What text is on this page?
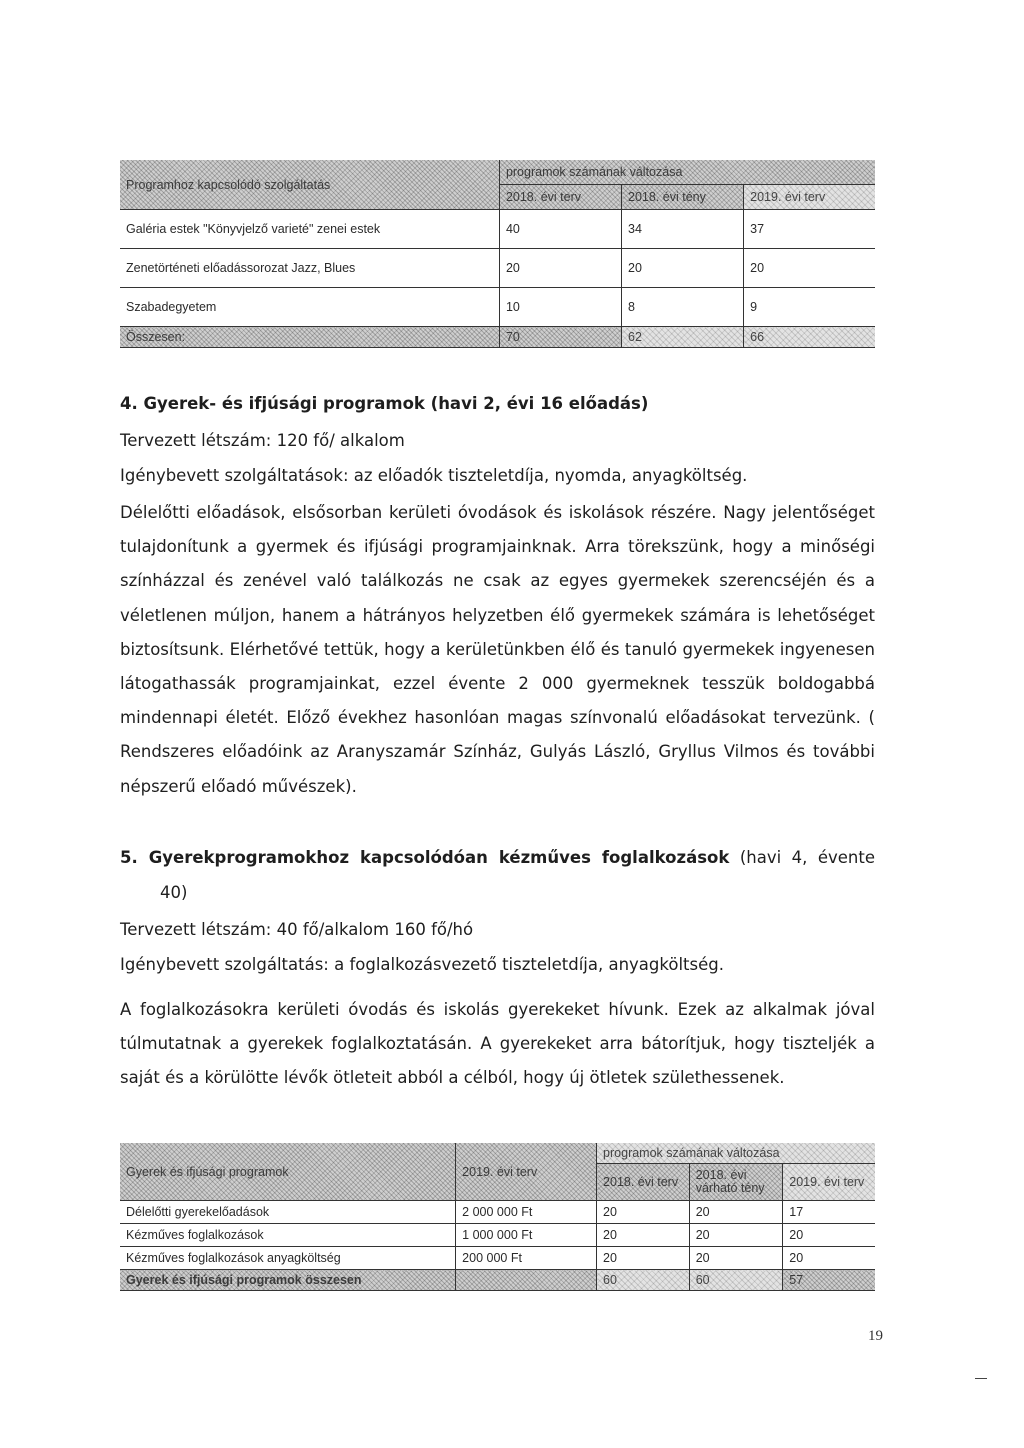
Programhoz kapcsolódó szolgáltatás	programok számának változása		
	2018. évi terv	2018. évi tény	2019. évi terv
Galéria estek "Könyvjelző varieté" zenei estek	40	34	37
Zenetörténeti előadássorozat Jazz, Blues	20	20	20
Szabadegyetem	10	8	9
Összesen:	70	62	66
4. Gyerek- és ifjúsági programok (havi 2, évi 16 előadás)
Tervezett létszám: 120 fő/ alkalom
Igénybevett szolgáltatások: az előadók tiszteletdíja, nyomda, anyagköltség.
Délelőtti előadások, elsősorban kerületi óvodások és iskolások részére. Nagy jelentőséget tulajdonítunk a gyermek és ifjúsági programjainknak. Arra törekszünk, hogy a minőségi színházzal és zenével való találkozás ne csak az egyes gyermekek szerencséjén és a véletlenen múljon, hanem a hátrányos helyzetben élő gyermekek számára is lehetőséget biztosítsunk. Elérhetővé tettük, hogy a kerületünkben élő és tanuló gyermekek ingyenesen látogathassák programjainkat, ezzel évente 2 000 gyermeknek tesszük boldogabbá mindennapi életét. Előző évekhez hasonlóan magas színvonalú előadásokat tervezünk. ( Rendszeres előadóink az Aranyszamár Színház, Gulyás László, Gryllus Vilmos és további népszerű előadó művészek).
5. Gyerekprogramokhoz kapcsolódóan kézműves foglalkozások (havi 4, évente
40)
Tervezett létszám: 40 fő/alkalom 160 fő/hó
Igénybevett szolgáltatás: a foglalkozásvezető tiszteletdíja, anyagköltség.
A foglalkozásokra kerületi óvodás és iskolás gyerekeket hívunk. Ezek az alkalmak jóval túlmutatnak a gyerekek foglalkoztatásán. A gyerekeket arra bátorítjuk, hogy tiszteljék a saját és a körülötte lévők ötleteit abból a célból, hogy új ötletek születhessenek.
Gyerek és ifjúsági programok	2019. évi terv	programok számának változása		
		2018. évi terv	2018. évi várható tény	2019. évi terv
Délelőtti gyerekelőadások	2 000 000 Ft	20	20	17
Kézműves foglalkozások	1 000 000 Ft	20	20	20
Kézműves foglalkozások anyagköltség	200 000 Ft	20	20	20
Gyerek és ifjúsági programok összesen		60	60	57
19
